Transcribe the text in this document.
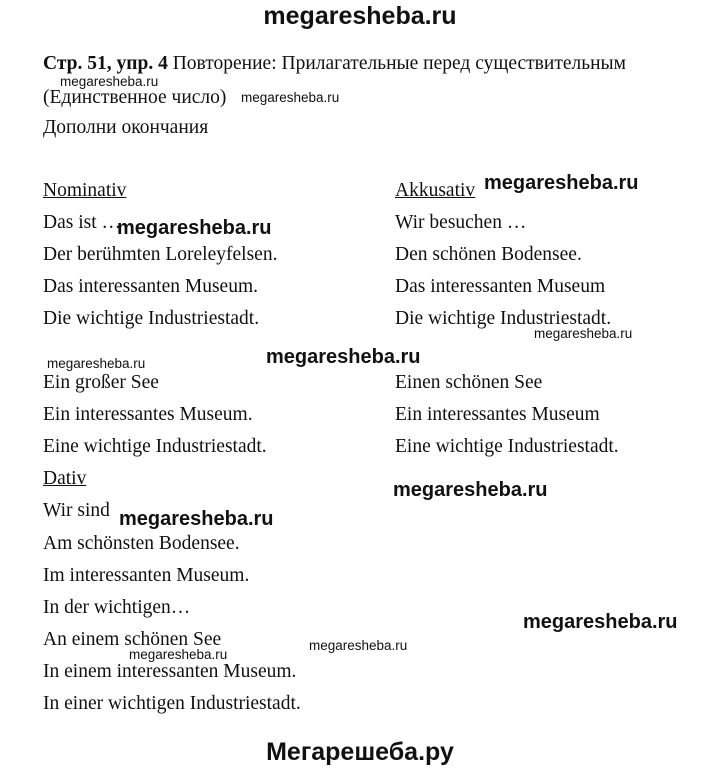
megaresheba.ru
Мегарешеба.ру
Стр. 51, упр. 4 Повторение: Прилагательные перед существительным
(Единственное число)
Дополни окончания
Nominativ
Das ist …
Der berühmten Loreleyfelsen.
Das interessanten Museum.
Die wichtige Industriestadt.
Ein großer See
Ein interessantes Museum.
Eine wichtige Industriestadt.
Akkusativ
Wir besuchen …
Den schönen Bodensee.
Das interessanten Museum
Die wichtige Industriestadt.
Einen schönen See
Ein interessantes Museum
Eine wichtige Industriestadt.
Dativ
Wir sind
Am schönsten Bodensee.
Im interessanten Museum.
In der wichtigen…
An einem schönen See
In einem interessanten Museum.
In einer wichtigen Industriestadt.
megaresheba.ru
megaresheba.ru
megaresheba.ru
megaresheba.ru
megaresheba.ru
megaresheba.ru
megaresheba.ru
megaresheba.ru
megaresheba.ru
megaresheba.ru
megaresheba.ru
megaresheba.ru
